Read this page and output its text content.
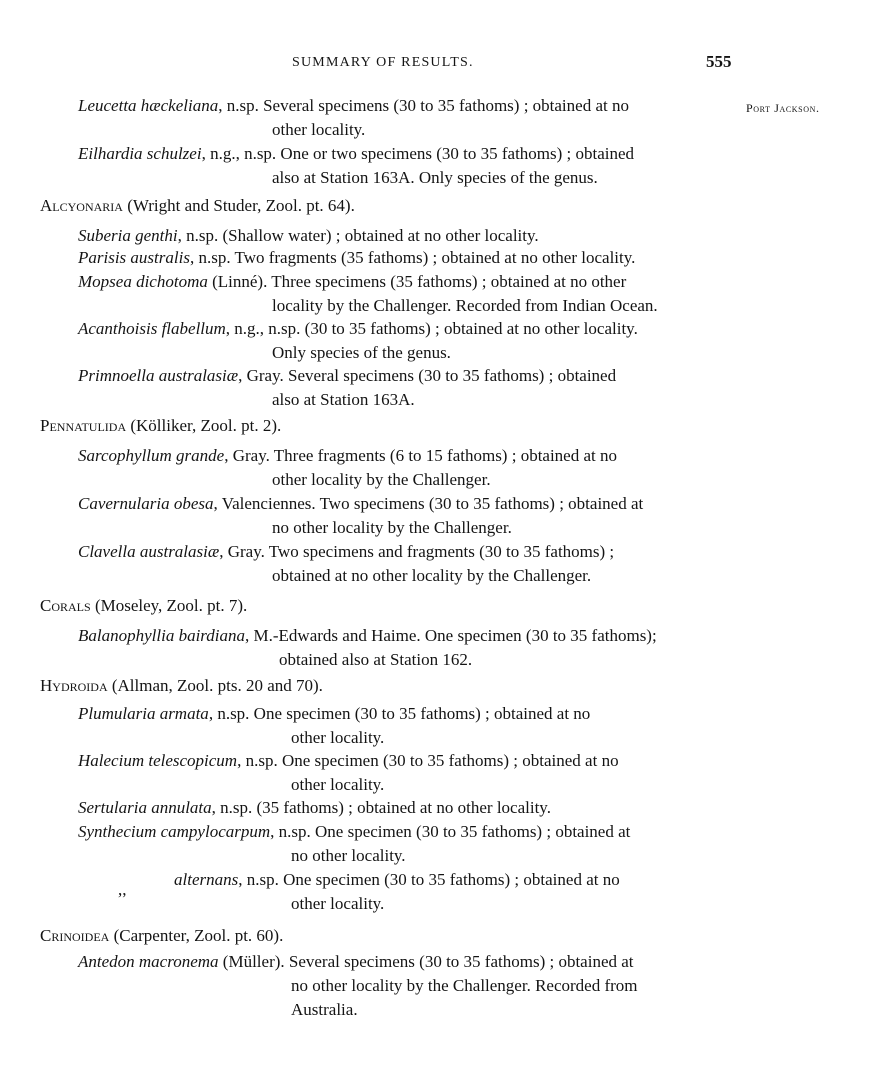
SUMMARY OF RESULTS.	555
Port Jackson.
Leucetta hæckeliana, n.sp. Several specimens (30 to 35 fathoms) ; obtained at no
other locality.
Eilhardia schulzei, n.g., n.sp. One or two specimens (30 to 35 fathoms) ; obtained
also at Station 163A. Only species of the genus.
Alcyonaria (Wright and Studer, Zool. pt. 64).
Suberia genthi, n.sp. (Shallow water) ; obtained at no other locality.
Parisis australis, n.sp. Two fragments (35 fathoms) ; obtained at no other locality.
Mopsea dichotoma (Linné). Three specimens (35 fathoms) ; obtained at no other
locality by the Challenger. Recorded from Indian Ocean.
Acanthoisis flabellum, n.g., n.sp. (30 to 35 fathoms) ; obtained at no other locality.
Only species of the genus.
Primnoella australasiæ, Gray. Several specimens (30 to 35 fathoms) ; obtained
also at Station 163A.
Pennatulida (Kölliker, Zool. pt. 2).
Sarcophyllum grande, Gray. Three fragments (6 to 15 fathoms) ; obtained at no
other locality by the Challenger.
Cavernularia obesa, Valenciennes. Two specimens (30 to 35 fathoms) ; obtained at
no other locality by the Challenger.
Clavella australasiæ, Gray. Two specimens and fragments (30 to 35 fathoms) ;
obtained at no other locality by the Challenger.
Corals (Moseley, Zool. pt. 7).
Balanophyllia bairdiana, M.-Edwards and Haime. One specimen (30 to 35 fathoms);
obtained also at Station 162.
Hydroida (Allman, Zool. pts. 20 and 70).
Plumularia armata, n.sp. One specimen (30 to 35 fathoms) ; obtained at no
other locality.
Halecium telescopicum, n.sp. One specimen (30 to 35 fathoms) ; obtained at no
other locality.
Sertularia annulata, n.sp. (35 fathoms) ; obtained at no other locality.
Synthecium campylocarpum, n.sp. One specimen (30 to 35 fathoms) ; obtained at
no other locality.
,,
alternans, n.sp. One specimen (30 to 35 fathoms) ; obtained at no
other locality.
Crinoidea (Carpenter, Zool. pt. 60).
Antedon macronema (Müller). Several specimens (30 to 35 fathoms) ; obtained at
no other locality by the Challenger. Recorded from
Australia.
